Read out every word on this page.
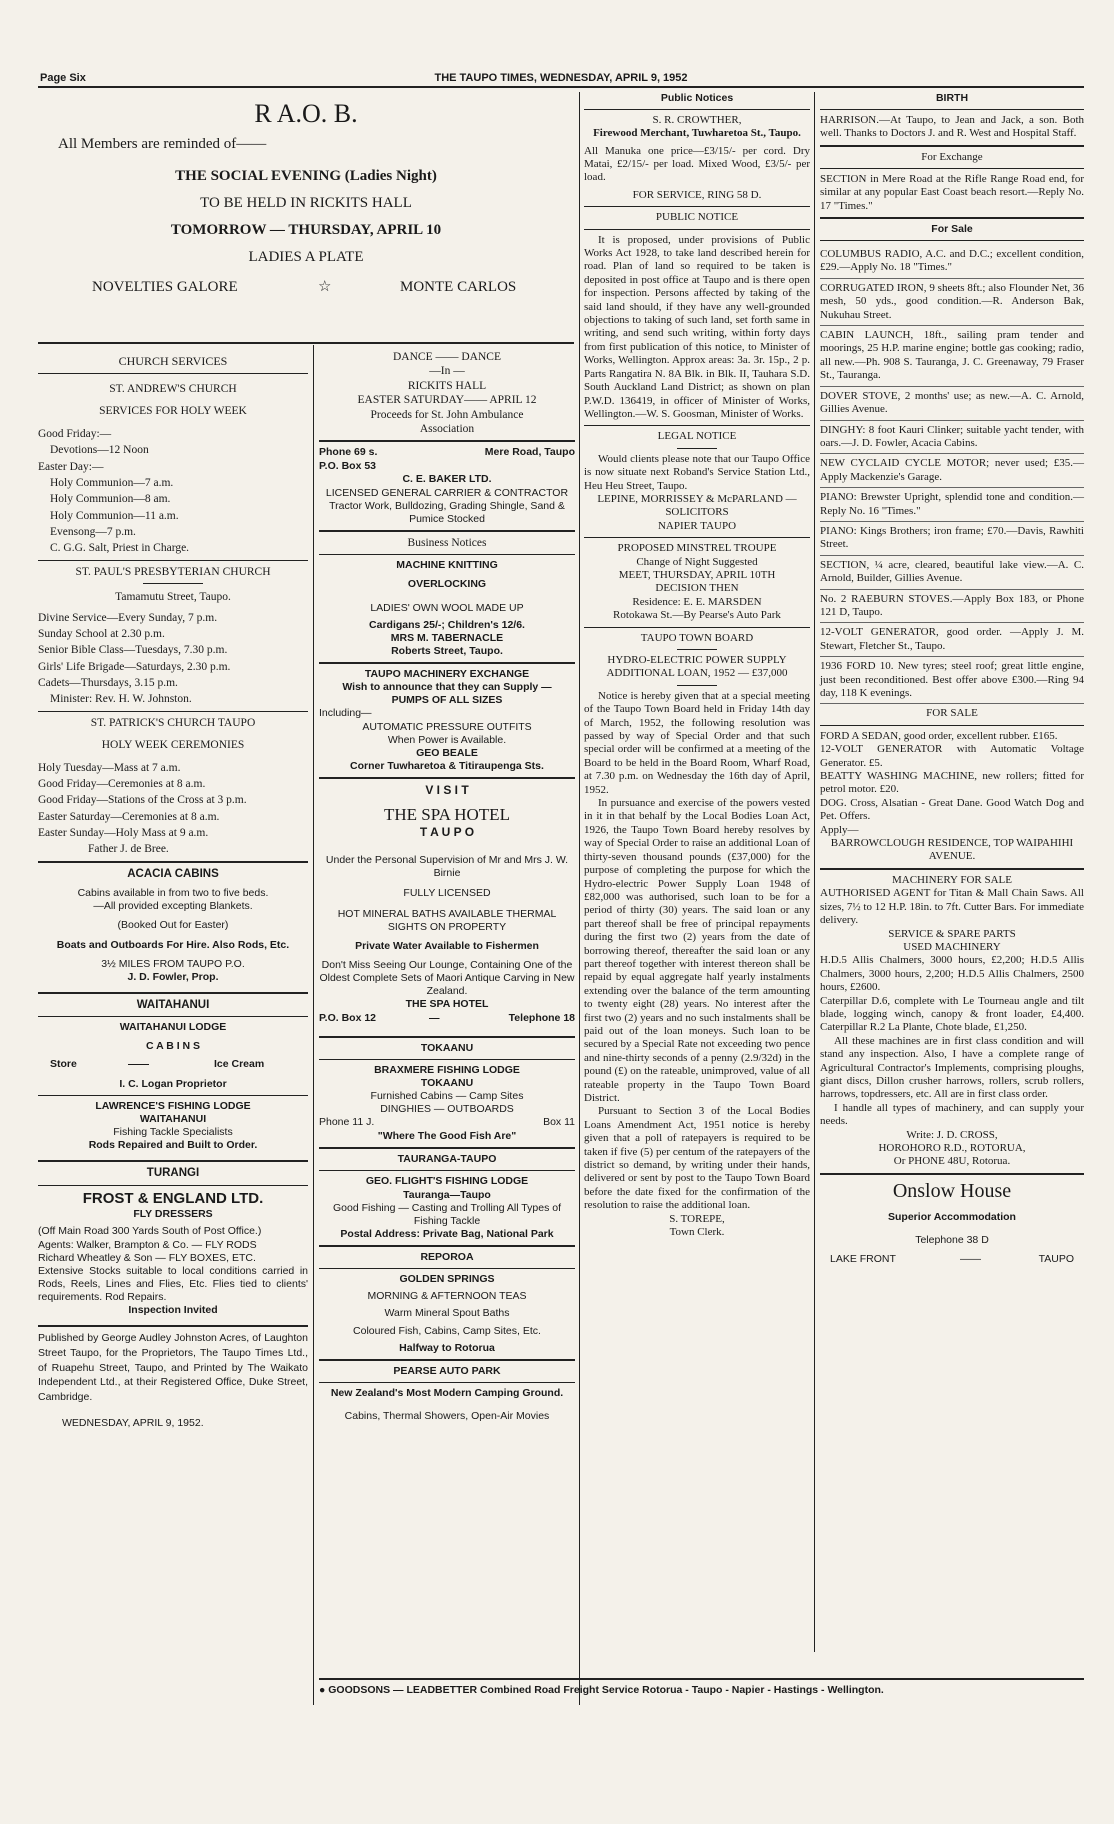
Page Six	THE TAUPO TIMES, WEDNESDAY, APRIL 9, 1952
R A.O. B.
All Members are reminded of——
THE SOCIAL EVENING (Ladies Night)
TO BE HELD IN RICKITS HALL
TOMORROW — THURSDAY, APRIL 10
LADIES A PLATE
NOVELTIES GALORE	☆	MONTE CARLOS
CHURCH SERVICES
ST. ANDREW'S CHURCH
SERVICES FOR HOLY WEEK
Good Friday:—
Devotions—12 Noon
Easter Day:—
Holy Communion—7 a.m.
Holy Communion—8 am.
Holy Communion—11 a.m.
Evensong—7 p.m.
C. G.G. Salt, Priest in Charge.
ST. PAUL'S PRESBYTERIAN CHURCH
Tamamutu Street, Taupo.
Divine Service—Every Sunday, 7 p.m.
Sunday School at 2.30 p.m.
Senior Bible Class—Tuesdays, 7.30 p.m.
Girls' Life Brigade—Saturdays, 2.30 p.m.
Cadets—Thursdays, 3.15 p.m.
Minister: Rev. H. W. Johnston.
ST. PATRICK'S CHURCH TAUPO
HOLY WEEK CEREMONIES
Holy Tuesday—Mass at 7 a.m.
Good Friday—Ceremonies at 8 a.m.
Good Friday—Stations of the Cross at 3 p.m.
Easter Saturday—Ceremonies at 8 a.m.
Easter Sunday—Holy Mass at 9 a.m.
Father J. de Bree.
ACACIA CABINS
Cabins available in from two to five beds.
—All provided excepting Blankets.
(Booked Out for Easter)
Boats and Outboards For Hire. Also Rods, Etc.
3½ MILES FROM TAUPO P.O.
J. D. Fowler, Prop.
WAITAHANUI
WAITAHANUI LODGE
C A B I N S
Store	——	Ice Cream
I. C. Logan Proprietor
LAWRENCE'S FISHING LODGE
WAITAHANUI
Fishing Tackle Specialists
Rods Repaired and Built to Order.
TURANGI
FROST & ENGLAND LTD.
FLY DRESSERS
(Off Main Road 300 Yards South of Post Office.)
Agents: Walker, Brampton & Co. — FLY RODS
Richard Wheatley & Son — FLY BOXES, ETC.
Extensive Stocks suitable to local conditions carried in Rods, Reels, Lines and Flies, Etc. Flies tied to clients' requirements. Rod Repairs.
Inspection Invited
Published by George Audley Johnston Acres, of Laughton Street Taupo, for the Proprietors, The Taupo Times Ltd., of Ruapehu Street, Taupo, and Printed by The Waikato Independent Ltd., at their Registered Office, Duke Street, Cambridge.
WEDNESDAY, APRIL 9, 1952.
DANCE —— DANCE
—In —
RICKITS HALL
EASTER SATURDAY—— APRIL 12
Proceeds for St. John Ambulance Association
Phone 69 s.	Mere Road, Taupo
P.O. Box 53
C. E. BAKER LTD.
LICENSED GENERAL CARRIER & CONTRACTOR
Tractor Work, Bulldozing, Grading Shingle, Sand & Pumice Stocked
Business Notices
MACHINE KNITTING
OVERLOCKING
LADIES' OWN WOOL MADE UP
Cardigans 25/-; Children's 12/6.
MRS M. TABERNACLE
Roberts Street, Taupo.
TAUPO MACHINERY EXCHANGE
Wish to announce that they can Supply —
PUMPS OF ALL SIZES
Including—
AUTOMATIC PRESSURE OUTFITS
When Power is Available.
GEO BEALE
Corner Tuwharetoa & Titiraupenga Sts.
V I S I T
THE SPA HOTEL
T A U P O
Under the Personal Supervision of Mr and Mrs J. W. Birnie
FULLY LICENSED
HOT MINERAL BATHS AVAILABLE THERMAL SIGHTS ON PROPERTY
Private Water Available to Fishermen
Don't Miss Seeing Our Lounge, Containing One of the Oldest Complete Sets of Maori Antique Carving in New Zealand.
THE SPA HOTEL
P.O. Box 12	—	Telephone 18
TOKAANU
BRAXMERE FISHING LODGE
TOKAANU
Furnished Cabins — Camp Sites
DINGHIES — OUTBOARDS
Phone 11 J.	Box 11
"Where The Good Fish Are"
TAURANGA-TAUPO
GEO. FLIGHT'S FISHING LODGE
Tauranga—Taupo
Good Fishing — Casting and Trolling All Types of Fishing Tackle
Postal Address: Private Bag, National Park
REPOROA
GOLDEN SPRINGS
MORNING & AFTERNOON TEAS
Warm Mineral Spout Baths
Coloured Fish, Cabins, Camp Sites, Etc.
Halfway to Rotorua
PEARSE AUTO PARK
New Zealand's Most Modern Camping Ground.
Cabins, Thermal Showers, Open-Air Movies
Public Notices
S. R. CROWTHER,
Firewood Merchant, Tuwharetoa St., Taupo.
All Manuka one price—£3/15/- per cord. Dry Matai, £2/15/- per load. Mixed Wood, £3/5/- per load.
FOR SERVICE, RING 58 D.
PUBLIC NOTICE
It is proposed, under provisions of Public Works Act 1928, to take land described herein for road. Plan of land so required to be taken is deposited in post office at Taupo and is there open for inspection. Persons affected by taking of the said land should, if they have any well-grounded objections to taking of such land, set forth same in writing, and send such writing, within forty days from first publication of this notice, to Minister of Works, Wellington. Approx areas: 3a. 3r. 15p., 2 p. Parts Rangatira N. 8A Blk. in Blk. II, Tauhara S.D. South Auckland Land District; as shown on plan P.W.D. 136419, in officer of Minister of Works, Wellington.—W. S. Goosman, Minister of Works.
LEGAL NOTICE
Would clients please note that our Taupo Office is now situate next Roband's Service Station Ltd., Heu Heu Street, Taupo.
LEPINE, MORRISSEY & McPARLAND — SOLICITORS
NAPIER TAUPO
PROPOSED MINSTREL TROUPE
Change of Night Suggested
MEET, THURSDAY, APRIL 10TH
DECISION THEN
Residence: E. E. MARSDEN
Rotokawa St.—By Pearse's Auto Park
TAUPO TOWN BOARD
HYDRO-ELECTRIC POWER SUPPLY ADDITIONAL LOAN, 1952 — £37,000
Notice is hereby given that at a special meeting of the Taupo Town Board held in Friday 14th day of March, 1952, the following resolution was passed by way of Special Order and that such special order will be confirmed at a meeting of the Board to be held in the Board Room, Wharf Road, at 7.30 p.m. on Wednesday the 16th day of April, 1952.
In pursuance and exercise of the powers vested in it in that behalf by the Local Bodies Loan Act, 1926, the Taupo Town Board hereby resolves by way of Special Order to raise an additional Loan of thirty-seven thousand pounds (£37,000) for the purpose of completing the purpose for which the Hydro-electric Power Supply Loan 1948 of £82,000 was authorised, such loan to be for a period of thirty (30) years. The said loan or any part thereof shall be free of principal repayments during the first two (2) years from the date of borrowing thereof, thereafter the said loan or any part thereof together with interest thereon shall be repaid by equal aggregate half yearly instalments extending over the balance of the term amounting to twenty eight (28) years. No interest after the first two (2) years and no such instalments shall be paid out of the loan moneys. Such loan to be secured by a Special Rate not exceeding two pence and nine-thirty seconds of a penny (2.9/32d) in the pound (£) on the rateable, unimproved, value of all rateable property in the Taupo Town Board District.
Pursuant to Section 3 of the Local Bodies Loans Amendment Act, 1951 notice is hereby given that a poll of ratepayers is required to be taken if five (5) per centum of the ratepayers of the district so demand, by writing under their hands, delivered or sent by post to the Taupo Town Board before the date fixed for the confirmation of the resolution to raise the additional loan.
S. TOREPE,
Town Clerk.
BIRTH
HARRISON.—At Taupo, to Jean and Jack, a son. Both well. Thanks to Doctors J. and R. West and Hospital Staff.
For Exchange
SECTION in Mere Road at the Rifle Range Road end, for similar at any popular East Coast beach resort.—Reply No. 17 "Times."
For Sale
COLUMBUS RADIO, A.C. and D.C.; excellent condition, £29.—Apply No. 18 "Times."
CORRUGATED IRON, 9 sheets 8ft.; also Flounder Net, 36 mesh, 50 yds., good condition.—R. Anderson Bak, Nukuhau Street.
CABIN LAUNCH, 18ft., sailing pram tender and moorings, 25 H.P. marine engine; bottle gas cooking; radio, all new.—Ph. 908 S. Tauranga, J. C. Greenaway, 79 Fraser St., Tauranga.
DOVER STOVE, 2 months' use; as new.—A. C. Arnold, Gillies Avenue.
DINGHY: 8 foot Kauri Clinker; suitable yacht tender, with oars.—J. D. Fowler, Acacia Cabins.
NEW CYCLAID CYCLE MOTOR; never used; £35.—Apply Mackenzie's Garage.
PIANO: Brewster Upright, splendid tone and condition.—Reply No. 16 "Times."
PIANO: Kings Brothers; iron frame; £70.—Davis, Rawhiti Street.
SECTION, ¼ acre, cleared, beautiful lake view.—A. C. Arnold, Builder, Gillies Avenue.
No. 2 RAEBURN STOVES.—Apply Box 183, or Phone 121 D, Taupo.
12-VOLT GENERATOR, good order. —Apply J. M. Stewart, Fletcher St., Taupo.
1936 FORD 10. New tyres; steel roof; great little engine, just been reconditioned. Best offer above £300.—Ring 94 day, 118 K evenings.
FOR SALE
FORD A SEDAN, good order, excellent rubber. £165.
12-VOLT GENERATOR with Automatic Voltage Generator. £5.
BEATTY WASHING MACHINE, new rollers; fitted for petrol motor. £20.
DOG. Cross, Alsatian - Great Dane. Good Watch Dog and Pet. Offers.
Apply—
BARROWCLOUGH RESIDENCE, TOP WAIPAHIHI AVENUE.
MACHINERY FOR SALE
AUTHORISED AGENT for Titan & Mall Chain Saws. All sizes, 7½ to 12 H.P. 18in. to 7ft. Cutter Bars. For immediate delivery.
SERVICE & SPARE PARTS
USED MACHINERY
H.D.5 Allis Chalmers, 3000 hours, £2,200; H.D.5 Allis Chalmers, 3000 hours, 2,200; H.D.5 Allis Chalmers, 2500 hours, £2600.
Caterpillar D.6, complete with Le Tourneau angle and tilt blade, logging winch, canopy & front loader, £4,400. Caterpillar R.2 La Plante, Chote blade, £1,250.
All these machines are in first class condition and will stand any inspection. Also, I have a complete range of Agricultural Contractor's Implements, comprising ploughs, giant discs, Dillon crusher harrows, rollers, scrub rollers, harrows, topdressers, etc. All are in first class order.
I handle all types of machinery, and can supply your needs.
Write: J. D. CROSS,
HOROHORO R.D., ROTORUA,
Or PHONE 48U, Rotorua.
Onslow House
Superior Accommodation
Telephone 38 D
LAKE FRONT	——	TAUPO
● GOODSONS — LEADBETTER Combined Road Freight Service Rotorua - Taupo - Napier - Hastings - Wellington.
